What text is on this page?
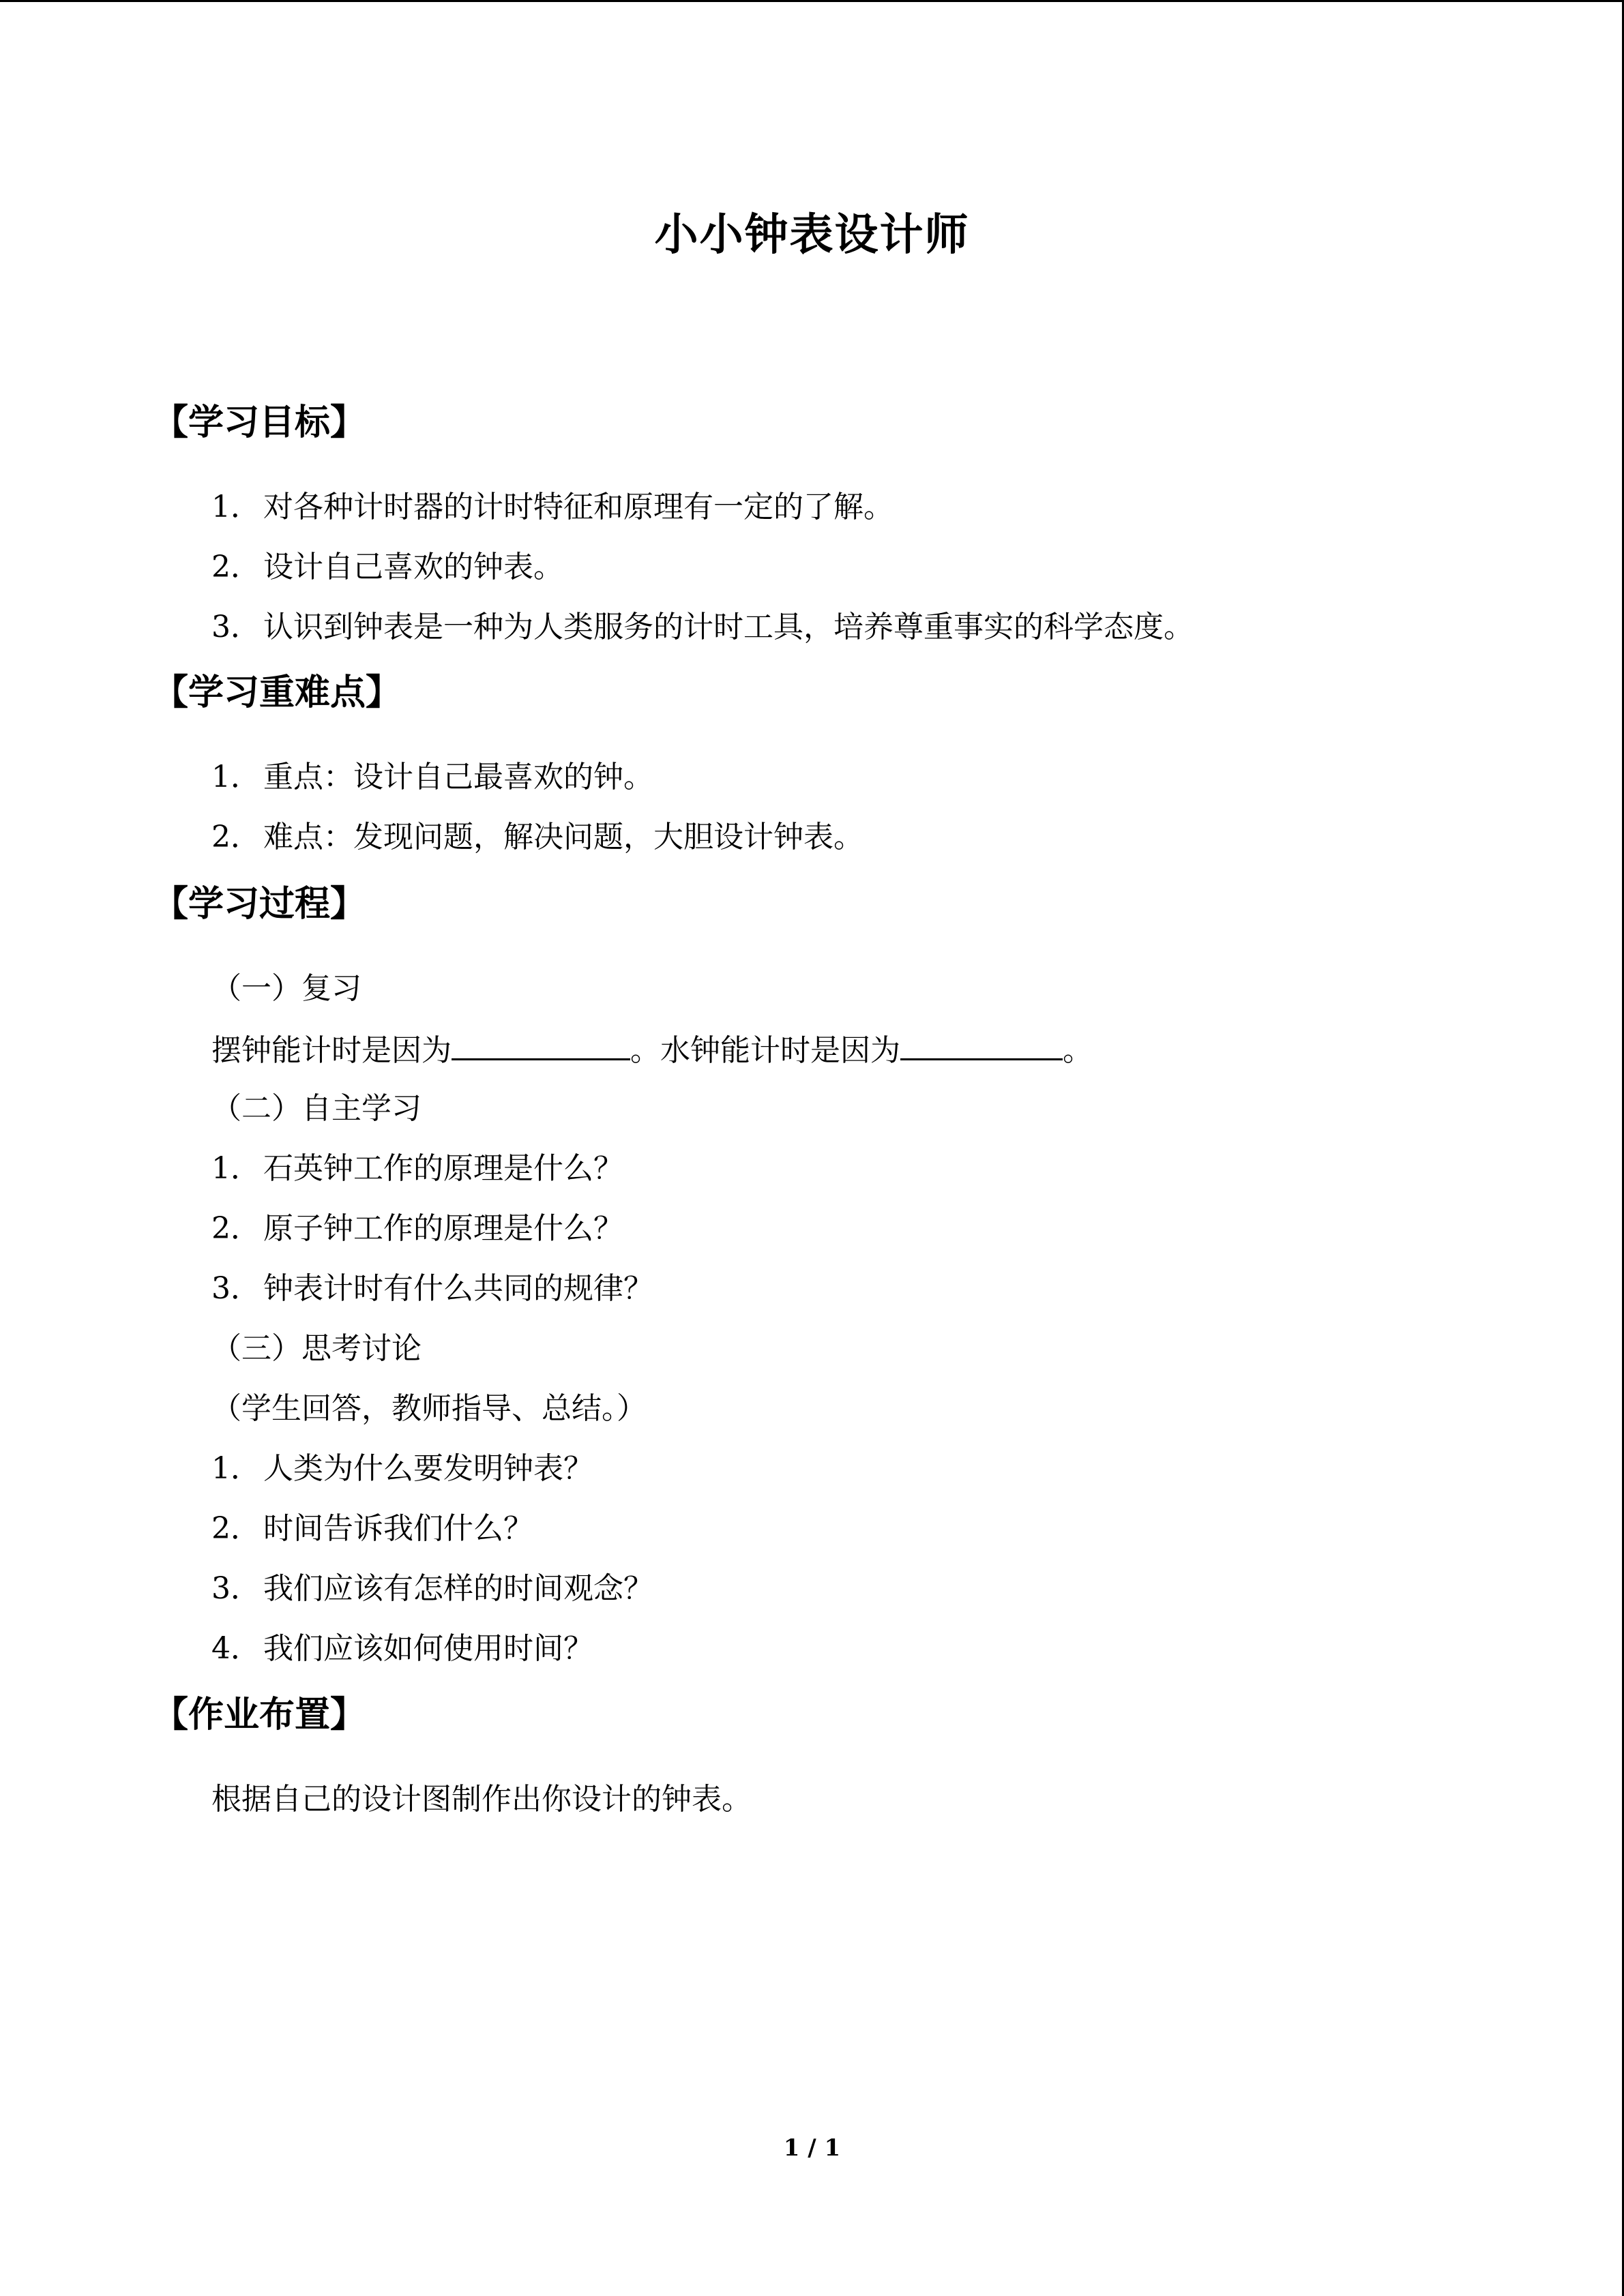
小小钟表设计师
【学习目标】
1．对各种计时器的计时特征和原理有一定的了解。
2．设计自己喜欢的钟表。
3．认识到钟表是一种为人类服务的计时工具，培养尊重事实的科学态度。
【学习重难点】
1．重点：设计自己最喜欢的钟。
2．难点：发现问题，解决问题，大胆设计钟表。
【学习过程】
（一）复习
摆钟能计时是因为	。水钟能计时是因为	。
（二）自主学习
1．石英钟工作的原理是什么？
2．原子钟工作的原理是什么？
3．钟表计时有什么共同的规律？
（三）思考讨论
（学生回答，教师指导、总结。）
1．人类为什么要发明钟表？
2．时间告诉我们什么？
3．我们应该有怎样的时间观念？
4．我们应该如何使用时间？
【作业布置】
根据自己的设计图制作出你设计的钟表。
1 / 1
